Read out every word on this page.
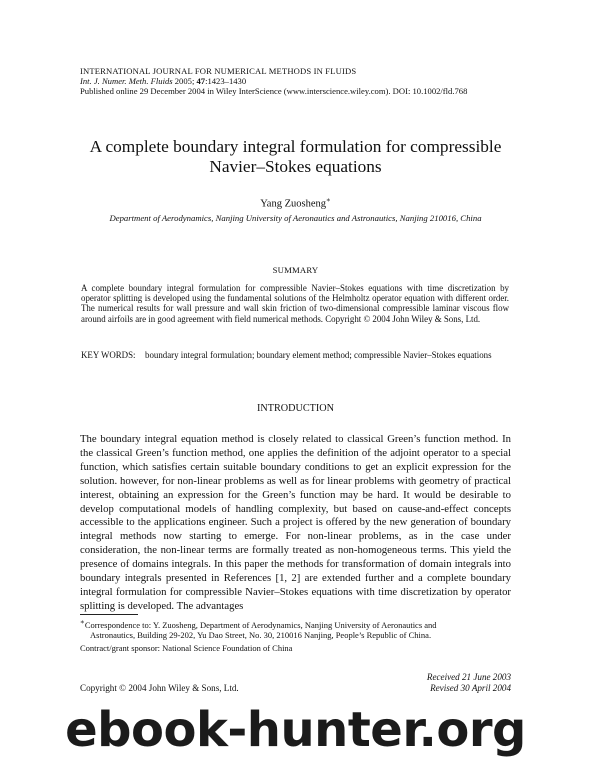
INTERNATIONAL JOURNAL FOR NUMERICAL METHODS IN FLUIDS
Int. J. Numer. Meth. Fluids 2005; 47:1423–1430
Published online 29 December 2004 in Wiley InterScience (www.interscience.wiley.com). DOI: 10.1002/fld.768
A complete boundary integral formulation for compressible
Navier–Stokes equations
Yang Zuosheng∗
Department of Aerodynamics, Nanjing University of Aeronautics and Astronautics, Nanjing 210016, China
SUMMARY
A complete boundary integral formulation for compressible Navier–Stokes equations with time discretization by operator splitting is developed using the fundamental solutions of the Helmholtz operator equation with different order. The numerical results for wall pressure and wall skin friction of two-dimensional compressible laminar viscous flow around airfoils are in good agreement with field numerical methods. Copyright © 2004 John Wiley & Sons, Ltd.
KEY WORDS: boundary integral formulation; boundary element method; compressible Navier–Stokes equations
INTRODUCTION
The boundary integral equation method is closely related to classical Green’s function method. In the classical Green’s function method, one applies the definition of the adjoint operator to a special function, which satisfies certain suitable boundary conditions to get an explicit expression for the solution. however, for non-linear problems as well as for linear problems with geometry of practical interest, obtaining an expression for the Green’s function may be hard. It would be desirable to develop computational models of handling complexity, but based on cause-and-effect concepts accessible to the applications engineer. Such a project is offered by the new generation of boundary integral methods now starting to emerge. For non-linear problems, as in the case under consideration, the non-linear terms are formally treated as non-homogeneous terms. This yield the presence of domains integrals. In this paper the methods for transformation of domain integrals into boundary integrals presented in References [1, 2] are extended further and a complete boundary integral formulation for compressible Navier–Stokes equations with time discretization by operator splitting is developed. The advantages
∗Correspondence to: Y. Zuosheng, Department of Aerodynamics, Nanjing University of Aeronautics and
Astronautics, Building 29-202, Yu Dao Street, No. 30, 210016 Nanjing, People’s Republic of China.
Contract/grant sponsor: National Science Foundation of China
Received 21 June 2003
Revised 30 April 2004
Copyright © 2004 John Wiley & Sons, Ltd.
ebook-hunter.org
